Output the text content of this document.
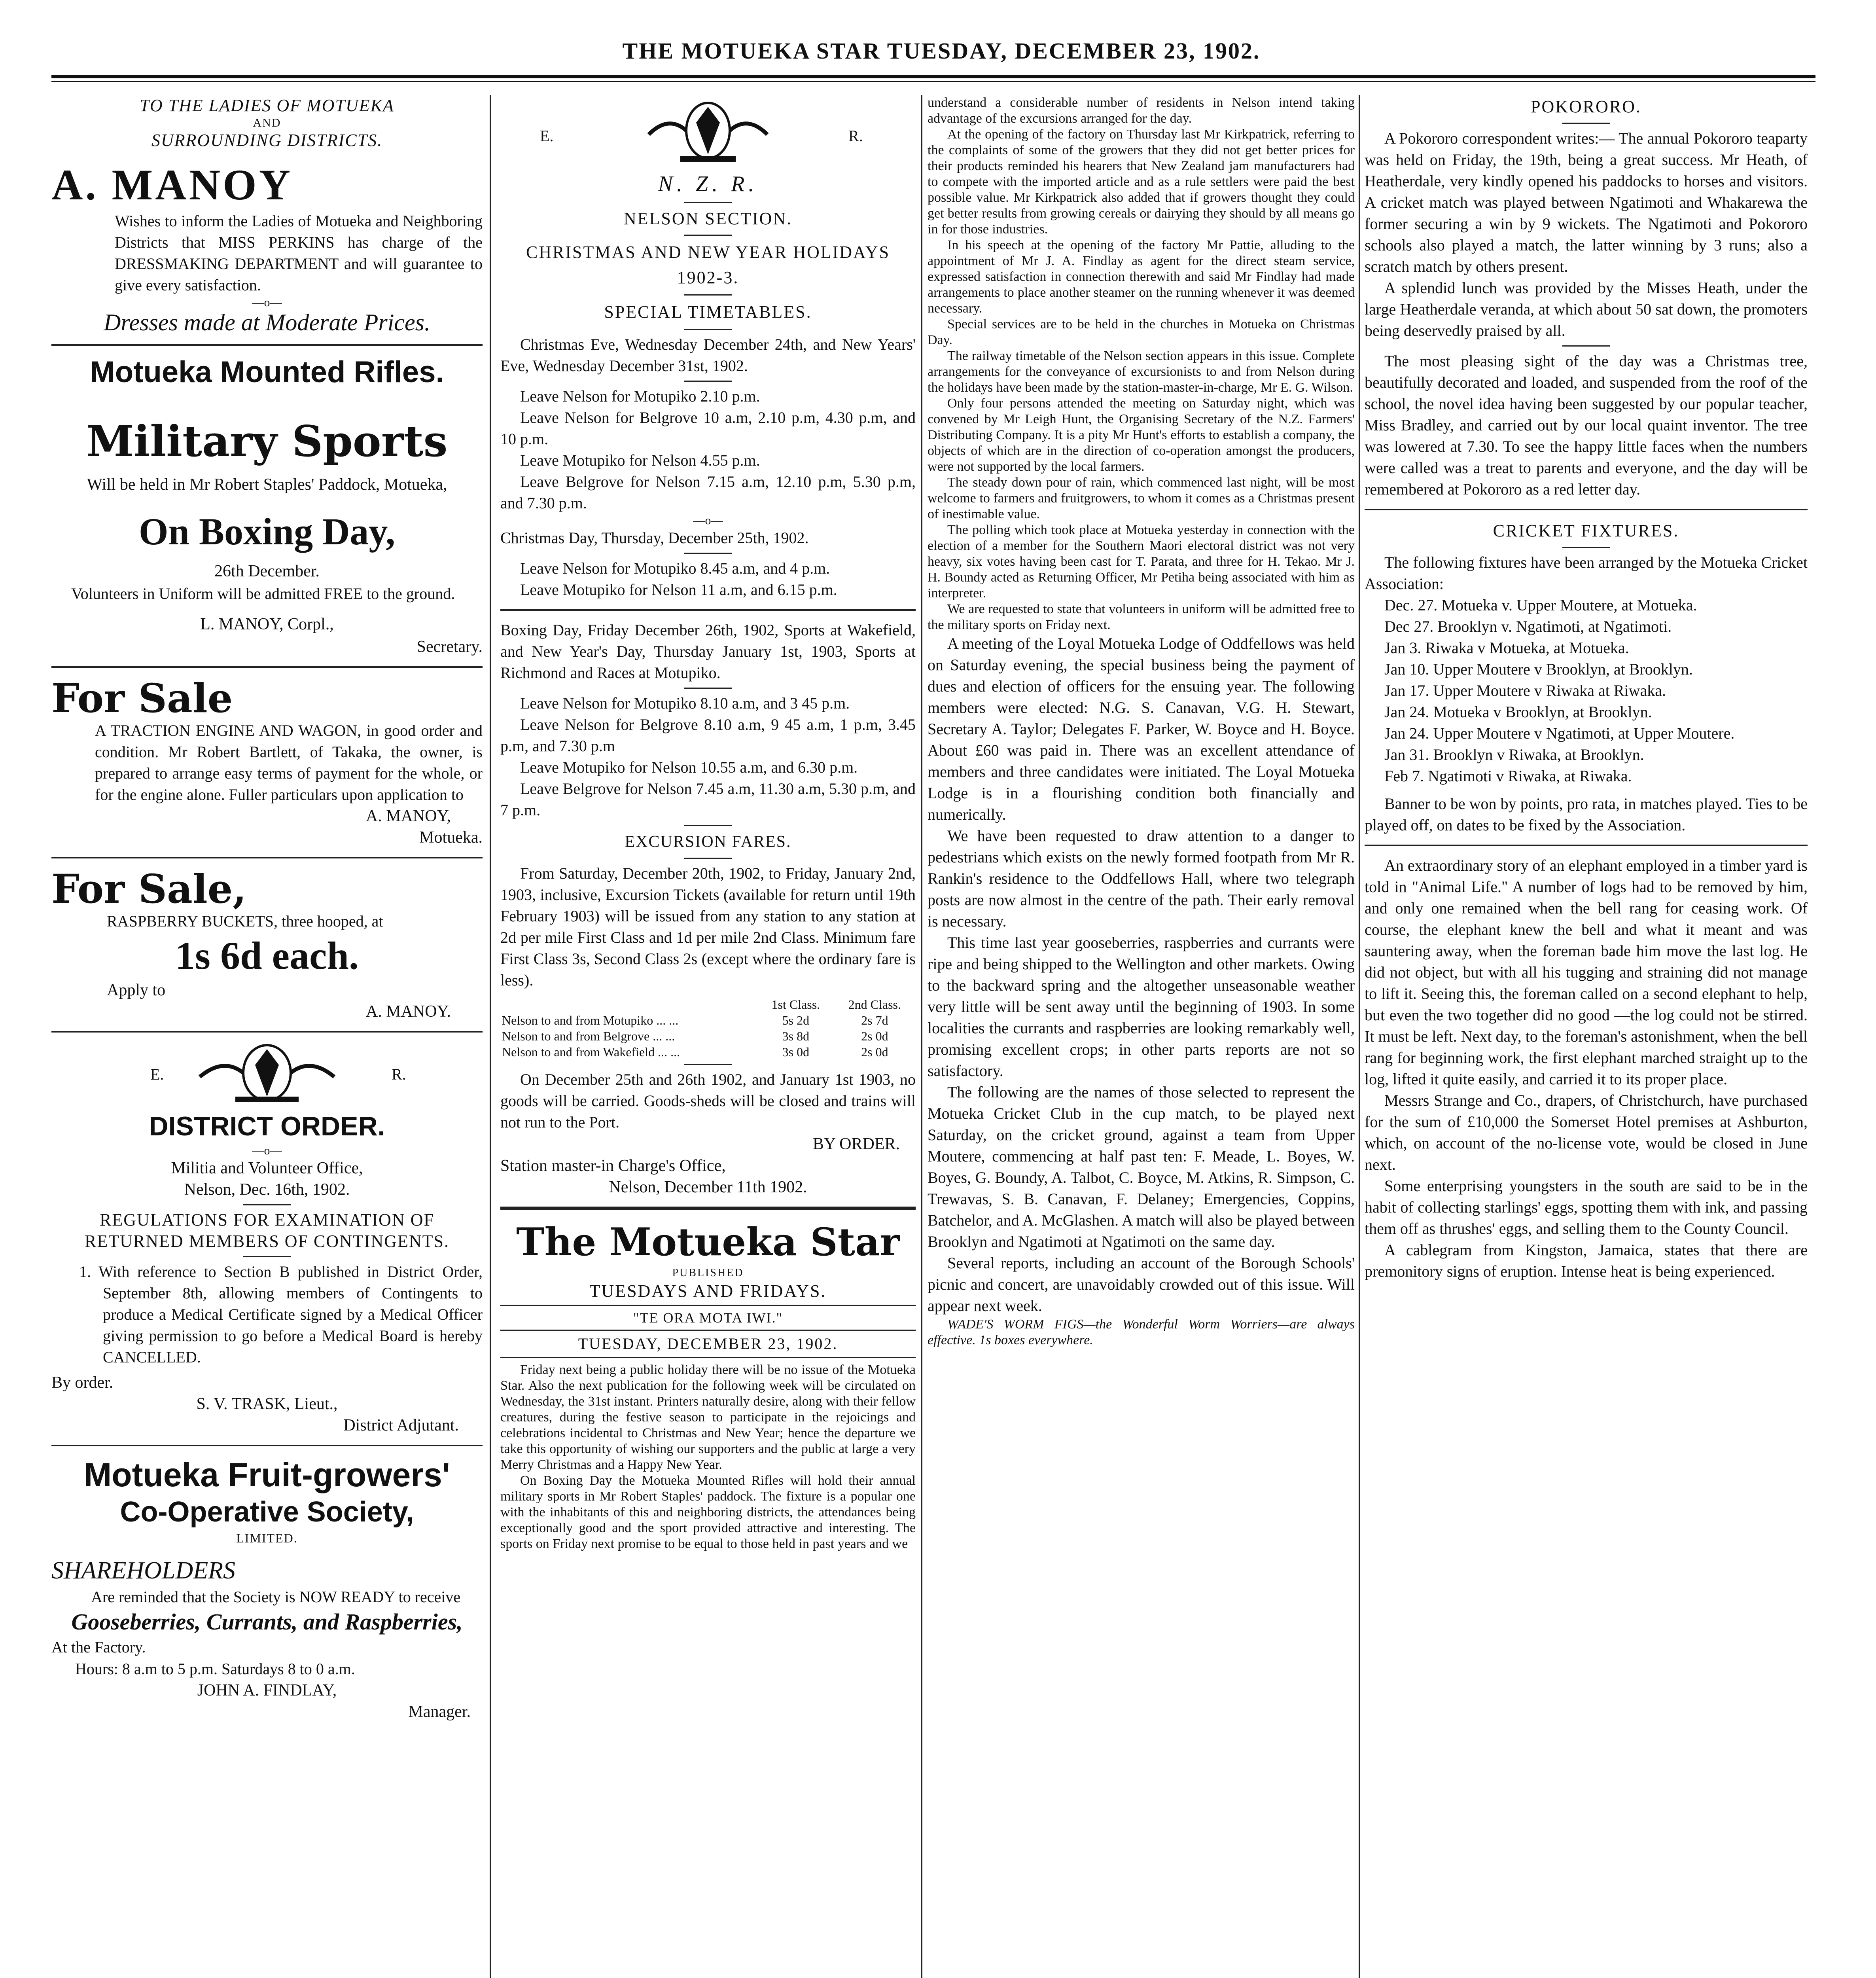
THE MOTUEKA STAR TUESDAY, DECEMBER 23, 1902.
TO THE LADIES OF MOTUEKA
AND
SURROUNDING DISTRICTS.
A. MANOY
Wishes to inform the Ladies of Motueka and Neighboring Districts that MISS PERKINS has charge of the DRESSMAKING DEPARTMENT and will guarantee to give every satisfaction.
—o—
Dresses made at Moderate Prices.
Motueka Mounted Rifles.
Military Sports
Will be held in Mr Robert Staples' Paddock, Motueka,
On Boxing Day,
26th December.
Volunteers in Uniform will be admitted FREE to the ground.
L. MANOY, Corpl.,
Secretary.
For Sale
A TRACTION ENGINE AND WAGON, in good order and condition. Mr Robert Bartlett, of Takaka, the owner, is prepared to arrange easy terms of payment for the whole, or for the engine alone. Fuller particulars upon application to
A. MANOY,
Motueka.
For Sale,
RASPBERRY BUCKETS, three hooped, at
1s 6d each.
Apply to
A. MANOY.
E.	R.
DISTRICT ORDER.
—o—
Militia and Volunteer Office,
Nelson, Dec. 16th, 1902.
REGULATIONS FOR EXAMINATION OF RETURNED MEMBERS OF CONTINGENTS.
1. With reference to Section B published in District Order, September 8th, allowing members of Contingents to produce a Medical Certificate signed by a Medical Officer giving permission to go before a Medical Board is hereby CANCELLED.
By order.
S. V. TRASK, Lieut.,
District Adjutant.
Motueka Fruit-growers'
Co-Operative Society,
LIMITED.
SHAREHOLDERS
Are reminded that the Society is NOW READY to receive
Gooseberries, Currants, and Raspberries,
At the Factory.
Hours: 8 a.m to 5 p.m. Saturdays 8 to 0 a.m.
JOHN A. FINDLAY,
Manager.
E.	R.
N. Z. R.
NELSON SECTION.
CHRISTMAS AND NEW YEAR HOLIDAYS 1902-3.
SPECIAL TIMETABLES.
Christmas Eve, Wednesday December 24th, and New Years' Eve, Wednesday December 31st, 1902.
Leave Nelson for Motupiko 2.10 p.m.
Leave Nelson for Belgrove 10 a.m, 2.10 p.m, 4.30 p.m, and 10 p.m.
Leave Motupiko for Nelson 4.55 p.m.
Leave Belgrove for Nelson 7.15 a.m, 12.10 p.m, 5.30 p.m, and 7.30 p.m.
—o—
Christmas Day, Thursday, December 25th, 1902.
Leave Nelson for Motupiko 8.45 a.m, and 4 p.m.
Leave Motupiko for Nelson 11 a.m, and 6.15 p.m.
Boxing Day, Friday December 26th, 1902, Sports at Wakefield, and New Year's Day, Thursday January 1st, 1903, Sports at Richmond and Races at Motupiko.
Leave Nelson for Motupiko 8.10 a.m, and 3 45 p.m.
Leave Nelson for Belgrove 8.10 a.m, 9 45 a.m, 1 p.m, 3.45 p.m, and 7.30 p.m
Leave Motupiko for Nelson 10.55 a.m, and 6.30 p.m.
Leave Belgrove for Nelson 7.45 a.m, 11.30 a.m, 5.30 p.m, and 7 p.m.
EXCURSION FARES.
From Saturday, December 20th, 1902, to Friday, January 2nd, 1903, inclusive, Excursion Tickets (available for return until 19th February 1903) will be issued from any station to any station at 2d per mile First Class and 1d per mile 2nd Class. Minimum fare First Class 3s, Second Class 2s (except where the ordinary fare is less).
	1st Class.	2nd Class.
Nelson to and from Motupiko ... ...	5s 2d	2s 7d
Nelson to and from Belgrove ... ...	3s 8d	2s 0d
Nelson to and from Wakefield ... ...	3s 0d	2s 0d
On December 25th and 26th 1902, and January 1st 1903, no goods will be carried. Goods-sheds will be closed and trains will not run to the Port.
BY ORDER.
Station master-in Charge's Office,
Nelson, December 11th 1902.
The Motueka Star
PUBLISHED
TUESDAYS AND FRIDAYS.
"TE ORA MOTA IWI."
TUESDAY, DECEMBER 23, 1902.
Friday next being a public holiday there will be no issue of the Motueka Star. Also the next publication for the following week will be circulated on Wednesday, the 31st instant. Printers naturally desire, along with their fellow creatures, during the festive season to participate in the rejoicings and celebrations incidental to Christmas and New Year; hence the departure we take this opportunity of wishing our supporters and the public at large a very Merry Christmas and a Happy New Year.
On Boxing Day the Motueka Mounted Rifles will hold their annual military sports in Mr Robert Staples' paddock. The fixture is a popular one with the inhabitants of this and neighboring districts, the attendances being exceptionally good and the sport provided attractive and interesting. The sports on Friday next promise to be equal to those held in past years and we
understand a considerable number of residents in Nelson intend taking advantage of the excursions arranged for the day.
At the opening of the factory on Thursday last Mr Kirkpatrick, referring to the complaints of some of the growers that they did not get better prices for their products reminded his hearers that New Zealand jam manufacturers had to compete with the imported article and as a rule settlers were paid the best possible value. Mr Kirkpatrick also added that if growers thought they could get better results from growing cereals or dairying they should by all means go in for those industries.
In his speech at the opening of the factory Mr Pattie, alluding to the appointment of Mr J. A. Findlay as agent for the direct steam service, expressed satisfaction in connection therewith and said Mr Findlay had made arrangements to place another steamer on the running whenever it was deemed necessary.
Special services are to be held in the churches in Motueka on Christmas Day.
The railway timetable of the Nelson section appears in this issue. Complete arrangements for the conveyance of excursionists to and from Nelson during the holidays have been made by the station-master-in-charge, Mr E. G. Wilson.
Only four persons attended the meeting on Saturday night, which was convened by Mr Leigh Hunt, the Organising Secretary of the N.Z. Farmers' Distributing Company. It is a pity Mr Hunt's efforts to establish a company, the objects of which are in the direction of co-operation amongst the producers, were not supported by the local farmers.
The steady down pour of rain, which commenced last night, will be most welcome to farmers and fruitgrowers, to whom it comes as a Christmas present of inestimable value.
The polling which took place at Motueka yesterday in connection with the election of a member for the Southern Maori electoral district was not very heavy, six votes having been cast for T. Parata, and three for H. Tekao. Mr J. H. Boundy acted as Returning Officer, Mr Petiha being associated with him as interpreter.
We are requested to state that volunteers in uniform will be admitted free to the military sports on Friday next.
A meeting of the Loyal Motueka Lodge of Oddfellows was held on Saturday evening, the special business being the payment of dues and election of officers for the ensuing year. The following members were elected: N.G. S. Canavan, V.G. H. Stewart, Secretary A. Taylor; Delegates F. Parker, W. Boyce and H. Boyce. About £60 was paid in. There was an excellent attendance of members and three candidates were initiated. The Loyal Motueka Lodge is in a flourishing condition both financially and numerically.
We have been requested to draw attention to a danger to pedestrians which exists on the newly formed footpath from Mr R. Rankin's residence to the Oddfellows Hall, where two telegraph posts are now almost in the centre of the path. Their early removal is necessary.
This time last year gooseberries, raspberries and currants were ripe and being shipped to the Wellington and other markets. Owing to the backward spring and the altogether unseasonable weather very little will be sent away until the beginning of 1903. In some localities the currants and raspberries are looking remarkably well, promising excellent crops; in other parts reports are not so satisfactory.
The following are the names of those selected to represent the Motueka Cricket Club in the cup match, to be played next Saturday, on the cricket ground, against a team from Upper Moutere, commencing at half past ten: F. Meade, L. Boyes, W. Boyes, G. Boundy, A. Talbot, C. Boyce, M. Atkins, R. Simpson, C. Trewavas, S. B. Canavan, F. Delaney; Emergencies, Coppins, Batchelor, and A. McGlashen. A match will also be played between Brooklyn and Ngatimoti at Ngatimoti on the same day.
Several reports, including an account of the Borough Schools' picnic and concert, are unavoidably crowded out of this issue. Will appear next week.
WADE'S WORM FIGS—the Wonderful Worm Worriers—are always effective. 1s boxes everywhere.
POKORORO.
A Pokororo correspondent writes:— The annual Pokororo teaparty was held on Friday, the 19th, being a great success. Mr Heath, of Heatherdale, very kindly opened his paddocks to horses and visitors. A cricket match was played between Ngatimoti and Whakarewa the former securing a win by 9 wickets. The Ngatimoti and Pokororo schools also played a match, the latter winning by 3 runs; also a scratch match by others present.
A splendid lunch was provided by the Misses Heath, under the large Heatherdale veranda, at which about 50 sat down, the promoters being deservedly praised by all.
The most pleasing sight of the day was a Christmas tree, beautifully decorated and loaded, and suspended from the roof of the school, the novel idea having been suggested by our popular teacher, Miss Bradley, and carried out by our local quaint inventor. The tree was lowered at 7.30. To see the happy little faces when the numbers were called was a treat to parents and everyone, and the day will be remembered at Pokororo as a red letter day.
CRICKET FIXTURES.
The following fixtures have been arranged by the Motueka Cricket Association:
Dec. 27. Motueka v. Upper Moutere, at Motueka.
Dec 27. Brooklyn v. Ngatimoti, at Ngatimoti.
Jan 3. Riwaka v Motueka, at Motueka.
Jan 10. Upper Moutere v Brooklyn, at Brooklyn.
Jan 17. Upper Moutere v Riwaka at Riwaka.
Jan 24. Motueka v Brooklyn, at Brooklyn.
Jan 24. Upper Moutere v Ngatimoti, at Upper Moutere.
Jan 31. Brooklyn v Riwaka, at Brooklyn.
Feb 7. Ngatimoti v Riwaka, at Riwaka.
Banner to be won by points, pro rata, in matches played. Ties to be played off, on dates to be fixed by the Association.
An extraordinary story of an elephant employed in a timber yard is told in "Animal Life." A number of logs had to be removed by him, and only one remained when the bell rang for ceasing work. Of course, the elephant knew the bell and what it meant and was sauntering away, when the foreman bade him move the last log. He did not object, but with all his tugging and straining did not manage to lift it. Seeing this, the foreman called on a second elephant to help, but even the two together did no good —the log could not be stirred. It must be left. Next day, to the foreman's astonishment, when the bell rang for beginning work, the first elephant marched straight up to the log, lifted it quite easily, and carried it to its proper place.
Messrs Strange and Co., drapers, of Christchurch, have purchased for the sum of £10,000 the Somerset Hotel premises at Ashburton, which, on account of the no-license vote, would be closed in June next.
Some enterprising youngsters in the south are said to be in the habit of collecting starlings' eggs, spotting them with ink, and passing them off as thrushes' eggs, and selling them to the County Council.
A cablegram from Kingston, Jamaica, states that there are premonitory signs of eruption. Intense heat is being experienced.
